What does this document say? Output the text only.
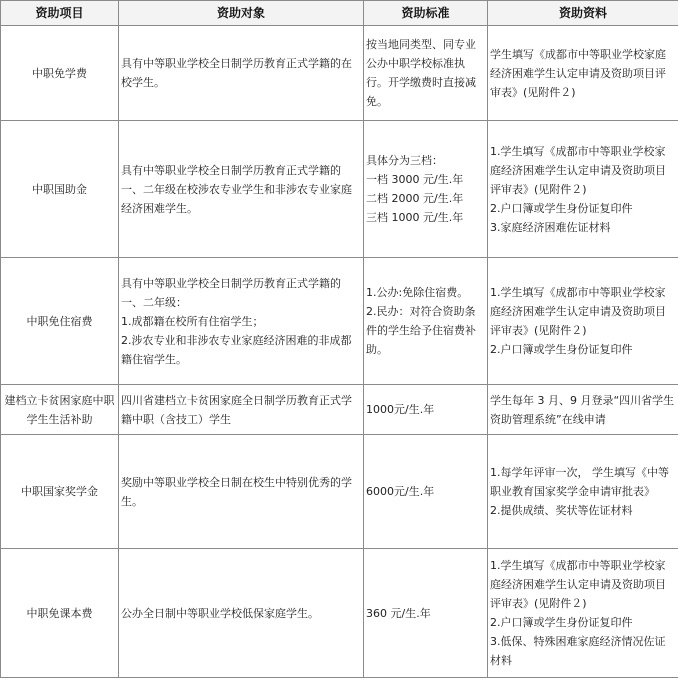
资助项目	资助对象	资助标准	资助资料

中职免学费	具有中等职业学校全日制学历教育正式学籍的在校学生。	按当地同类型、同专业公办中职学校标准执行。开学缴费时直接减免。	学生填写《成都市中等职业学校家庭经济困难学生认定申请及资助项目评审表》(见附件２)

中职国助金	具有中等职业学校全日制学历教育正式学籍的一、二年级在校涉农专业学生和非涉农专业家庭经济困难学生。	具体分为三档：
一档 3000 元/生.年
二档 2000 元/生.年
三档 1000 元/生.年	1.学生填写《成都市中等职业学校家庭经济困难学生认定申请及资助项目评审表》(见附件２)
2.户口簿或学生身份证复印件
3.家庭经济困难佐证材料

中职免住宿费	具有中等职业学校全日制学历教育正式学籍的一、二年级：
1.成都籍在校所有住宿学生；
2.涉农专业和非涉农专业家庭经济困难的非成都籍住宿学生。	1.公办:免除住宿费。
2.民办：对符合资助条件的学生给予住宿费补助。	1.学生填写《成都市中等职业学校家庭经济困难学生认定申请及资助项目评审表》(见附件２)
2.户口簿或学生身份证复印件

建档立卡贫困家庭中职学生生活补助	四川省建档立卡贫困家庭全日制学历教育正式学籍中职（含技工）学生	1000元/生.年	学生每年 3 月、9 月登录“四川省学生资助管理系统”在线申请

中职国家奖学金	奖励中等职业学校全日制在校生中特别优秀的学生。	6000元/生.年	1.每学年评审一次， 学生填写《中等职业教育国家奖学金申请审批表》
2.提供成绩、奖状等佐证材料

中职免课本费	公办全日制中等职业学校低保家庭学生。	360 元/生.年	1.学生填写《成都市中等职业学校家庭经济困难学生认定申请及资助项目评审表》(见附件２)
2.户口簿或学生身份证复印件
3.低保、特殊困难家庭经济情况佐证材料
